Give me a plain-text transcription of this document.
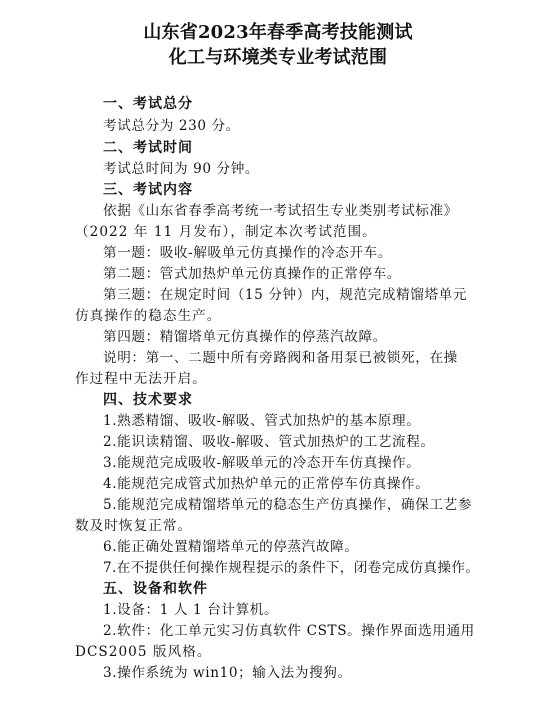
山东省2023年春季高考技能测试
化工与环境类专业考试范围
一、考试总分
考试总分为 230 分。
二、考试时间
考试总时间为 90 分钟。
三、考试内容
依据《山东省春季高考统一考试招生专业类别考试标准》
（2022 年 11 月发布），制定本次考试范围。
第一题：吸收-解吸单元仿真操作的冷态开车。
第二题：管式加热炉单元仿真操作的正常停车。
第三题：在规定时间（15 分钟）内，规范完成精馏塔单元
仿真操作的稳态生产。
第四题：精馏塔单元仿真操作的停蒸汽故障。
说明：第一、二题中所有旁路阀和备用泵已被锁死，在操
作过程中无法开启。
四、技术要求
1.熟悉精馏、吸收-解吸、管式加热炉的基本原理。
2.能识读精馏、吸收-解吸、管式加热炉的工艺流程。
3.能规范完成吸收-解吸单元的冷态开车仿真操作。
4.能规范完成管式加热炉单元的正常停车仿真操作。
5.能规范完成精馏塔单元的稳态生产仿真操作，确保工艺参
数及时恢复正常。
6.能正确处置精馏塔单元的停蒸汽故障。
7.在不提供任何操作规程提示的条件下，闭卷完成仿真操作。
五、设备和软件
1.设备：1 人 1 台计算机。
2.软件：化工单元实习仿真软件 CSTS。操作界面选用通用
DCS2005 版风格。
3.操作系统为 win10；输入法为搜狗。
